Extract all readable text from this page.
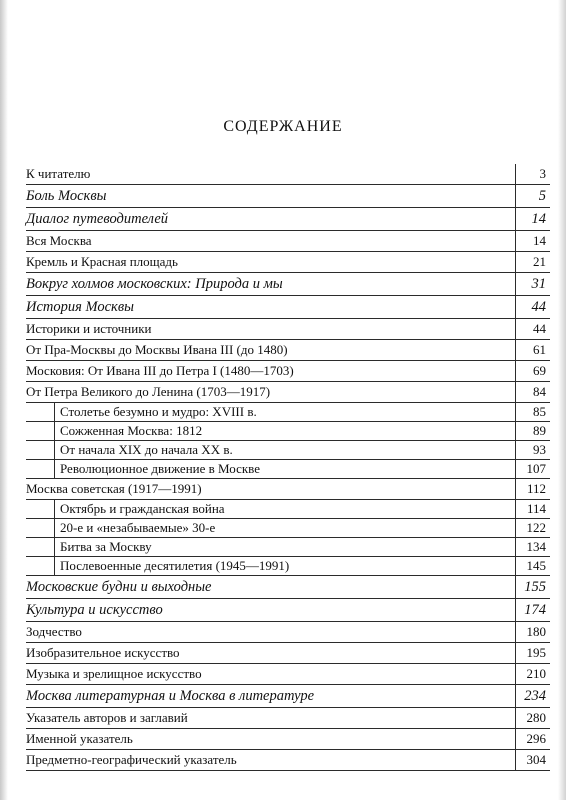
СОДЕРЖАНИЕ
К читателю	3
Боль Москвы	5
Диалог путеводителей	14
Вся Москва	14
Кремль и Красная площадь	21
Вокруг холмов московских: Природа и мы	31
История Москвы	44
Историки и источники	44
От Пра-Москвы до Москвы Ивана III (до 1480)	61
Московия: От Ивана III до Петра I (1480—1703)	69
От Петра Великого до Ленина (1703—1917)	84
Столетье безумно и мудро: XVIII в.	85
Сожженная Москва: 1812	89
От начала XIX до начала XX в.	93
Революционное движение в Москве	107
Москва советская (1917—1991)	112
Октябрь и гражданская война	114
20-е и «незабываемые» 30-е	122
Битва за Москву	134
Послевоенные десятилетия (1945—1991)	145
Московские будни и выходные	155
Культура и искусство	174
Зодчество	180
Изобразительное искусство	195
Музыка и зрелищное искусство	210
Москва литературная и Москва в литературе	234
Указатель авторов и заглавий	280
Именной указатель	296
Предметно-географический указатель	304
